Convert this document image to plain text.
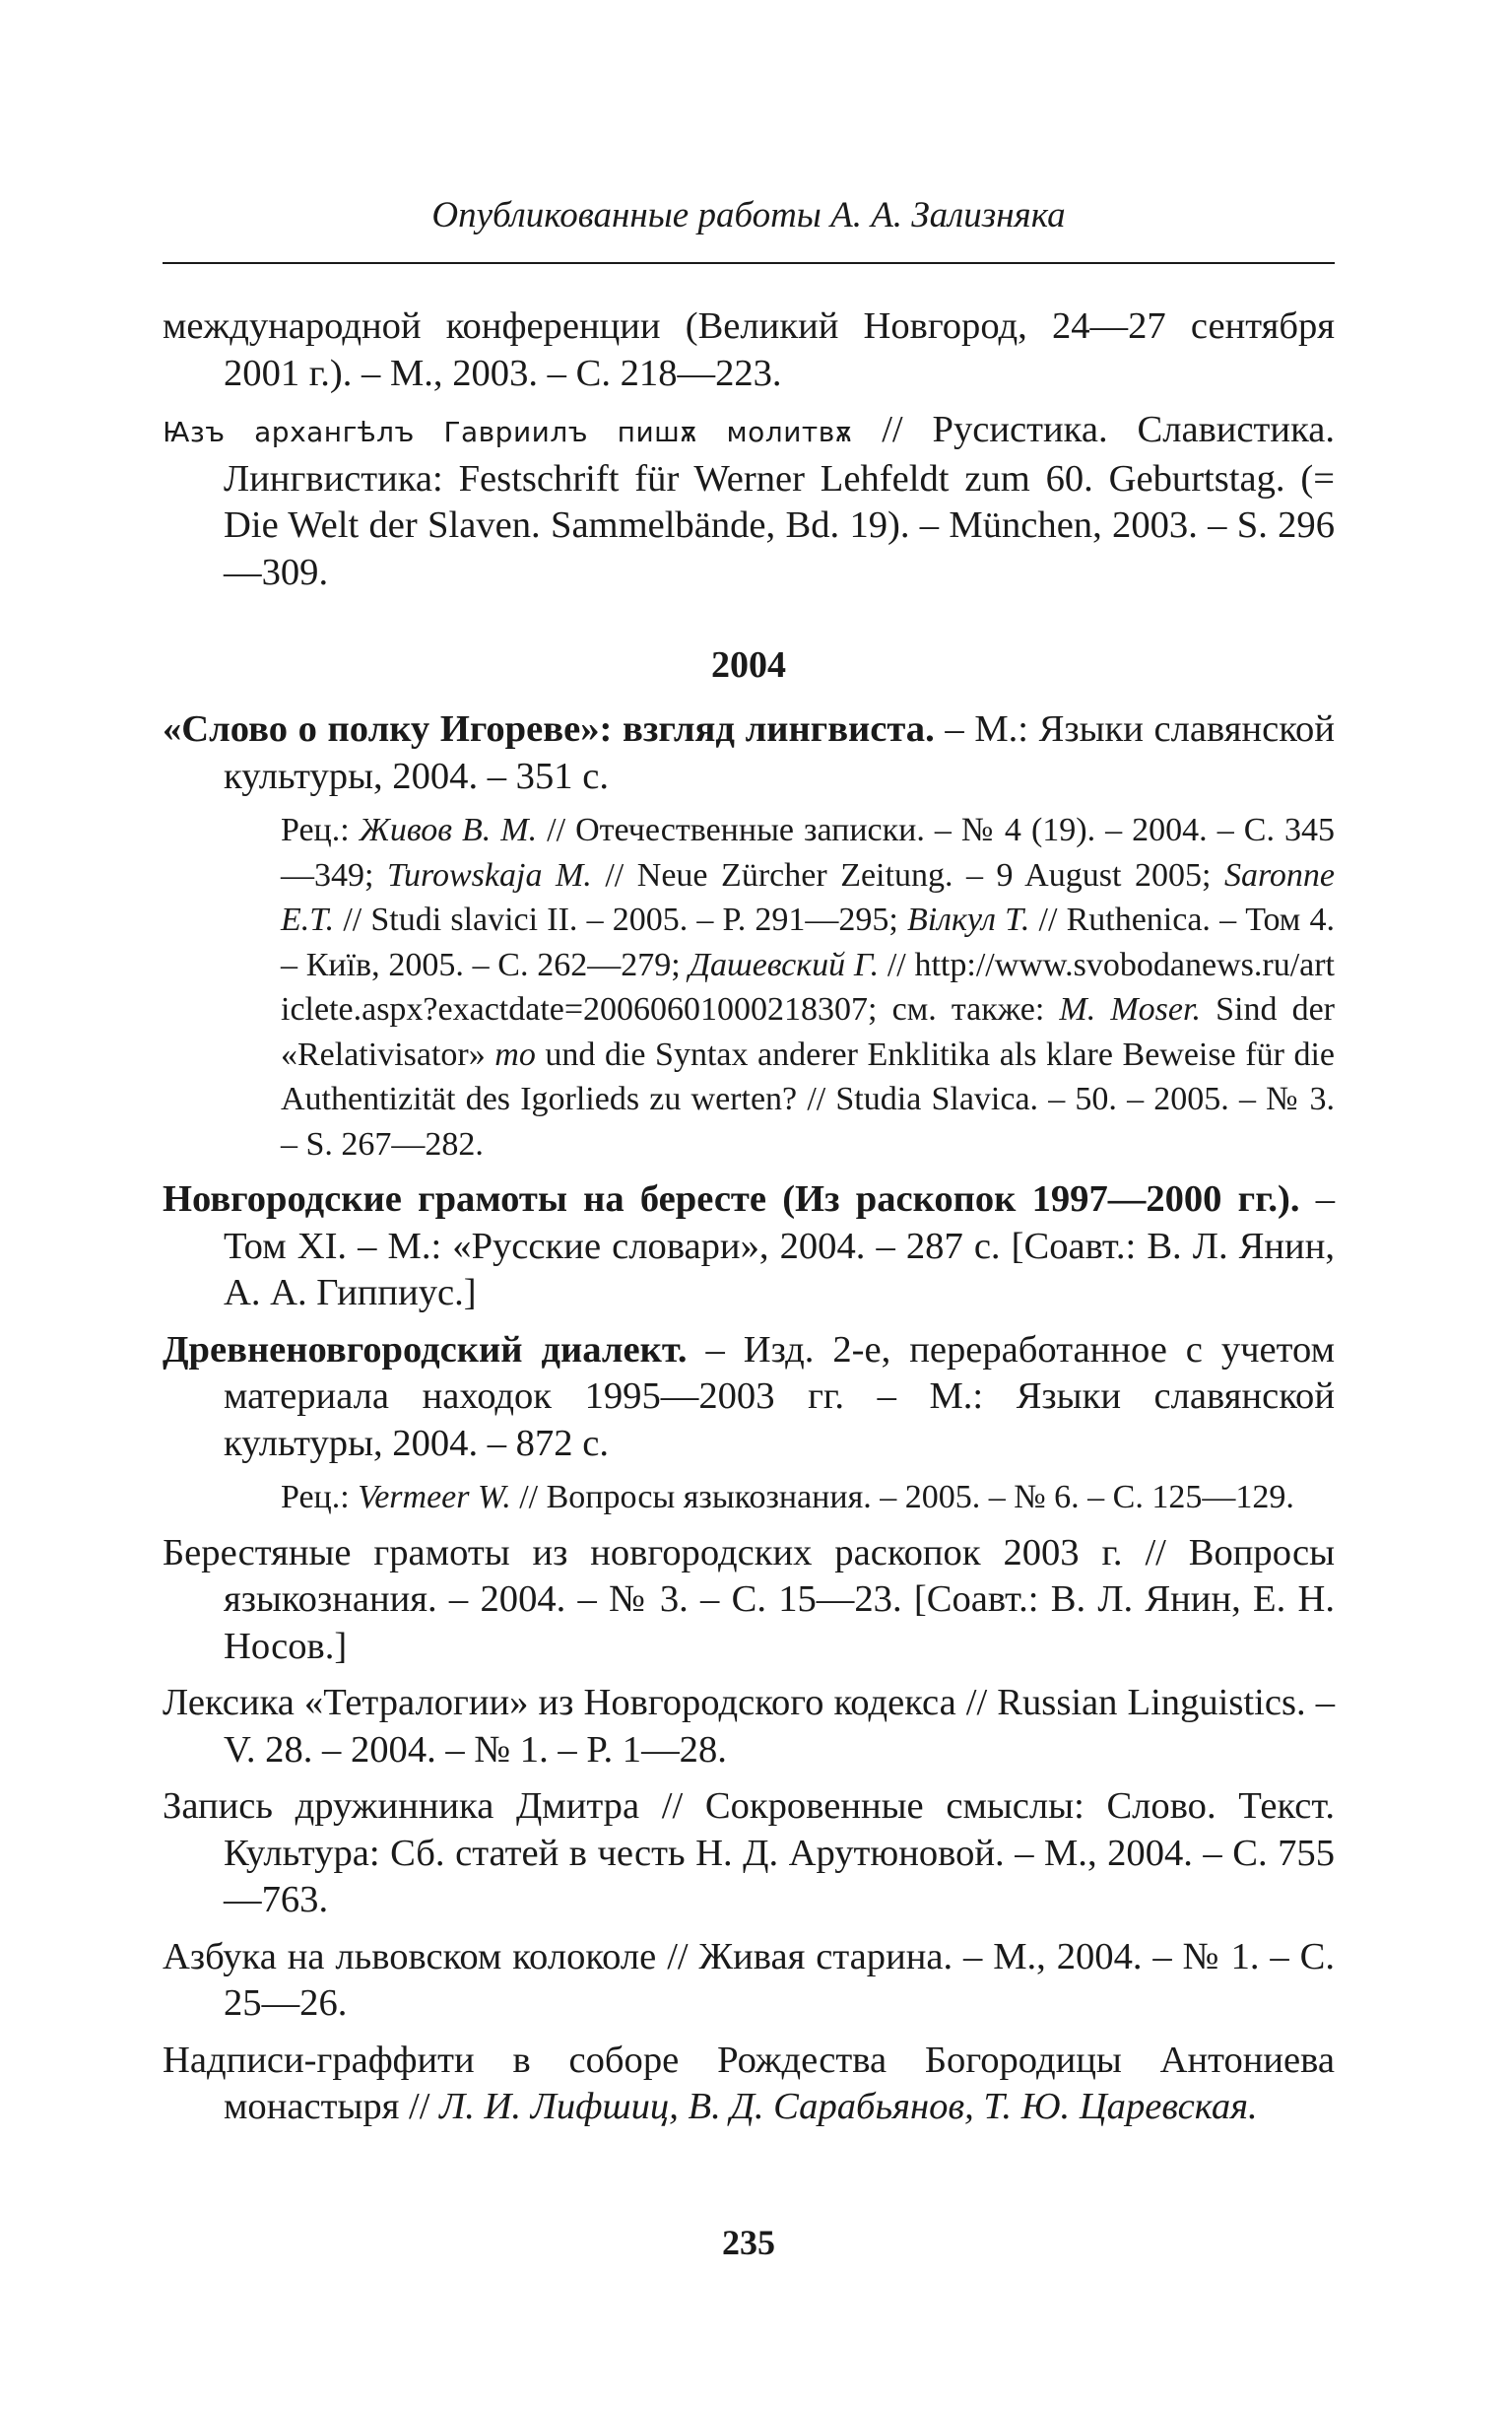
Опубликованные работы А. А. Зализняка

международной конференции (Великий Новгород, 24—27 сентября 2001 г.). – М., 2003. – С. 218—223.

Ꙗзъ архангѣлъ Гавриилъ пишѫ молитвѫ // Русистика. Славистика. Лингвистика: Festschrift für Werner Lehfeldt zum 60. Geburtstag. (= Die Welt der Slaven. Sammelbände, Bd. 19). – München, 2003. – S. 296—309.

2004

«Слово о полку Игореве»: взгляд лингвиста. – М.: Языки славянской культуры, 2004. – 351 с.

Рец.: Живов В. М. // Отечественные записки. – № 4 (19). – 2004. – С. 345—349; Turowskaja M. // Neue Zürcher Zeitung. – 9 August 2005; Saronne E.T. // Studi slavici II. – 2005. – P. 291—295; Вілкул Т. // Ruthenica. – Том 4. – Київ, 2005. – С. 262—279; Дашевский Г. // http://www.svobodanews.ru/articlete.aspx?exactdate=20060601000218307; см. также: M. Moser. Sind der «Relativisator» то und die Syntax anderer Enklitika als klare Beweise für die Authentizität des Igorlieds zu werten? // Studia Slavica. – 50. – 2005. – № 3. – S. 267—282.

Новгородские грамоты на бересте (Из раскопок 1997—2000 гг.). – Том XI. – М.: «Русские словари», 2004. – 287 с. [Соавт.: В. Л. Янин, А. А. Гиппиус.]

Древненовгородский диалект. – Изд. 2-е, переработанное с учетом материала находок 1995—2003 гг. – М.: Языки славянской культуры, 2004. – 872 с.

Рец.: Vermeer W. // Вопросы языкознания. – 2005. – № 6. – С. 125—129.

Берестяные грамоты из новгородских раскопок 2003 г. // Вопросы языкознания. – 2004. – № 3. – С. 15—23. [Соавт.: В. Л. Янин, Е. Н. Носов.]

Лексика «Тетралогии» из Новгородского кодекса // Russian Linguistics. – V. 28. – 2004. – № 1. – P. 1—28.

Запись дружинника Дмитра // Сокровенные смыслы: Слово. Текст. Культура: Сб. статей в честь Н. Д. Арутюновой. – М., 2004. – С. 755—763.

Азбука на львовском колоколе // Живая старина. – М., 2004. – № 1. – С. 25—26.

Надписи-граффити в соборе Рождества Богородицы Антониева монастыря // Л. И. Лифшиц, В. Д. Сарабьянов, Т. Ю. Царевская.

235
